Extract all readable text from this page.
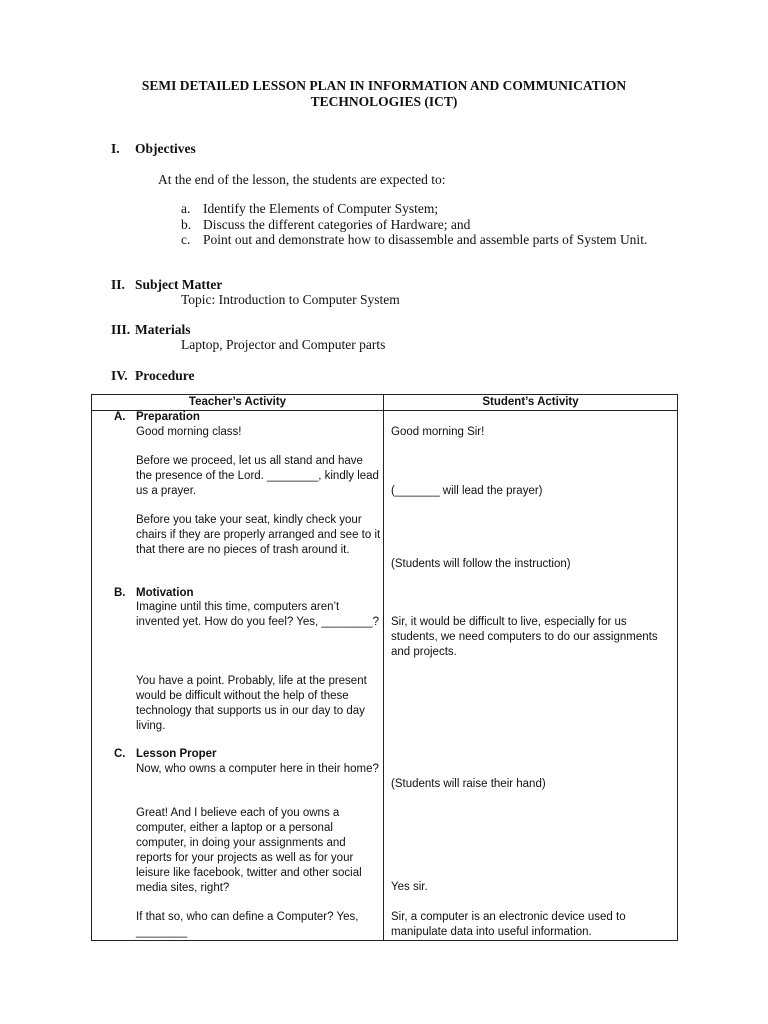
SEMI DETAILED LESSON PLAN IN INFORMATION AND COMMUNICATION
TECHNOLOGIES (ICT)
I. Objectives
At the end of the lesson, the students are expected to:
a. Identify the Elements of Computer System;
b. Discuss the different categories of Hardware; and
c. Point out and demonstrate how to disassemble and assemble parts of System Unit.
II. Subject Matter
Topic: Introduction to Computer System
III. Materials
Laptop, Projector and Computer parts
IV. Procedure
Teacher’s Activity	Student’s Activity
A. Preparation
Good morning class!
Before we proceed, let us all stand and have the presence of the Lord. ________, kindly lead us a prayer.
Before you take your seat, kindly check your chairs if they are properly arranged and see to it that there are no pieces of trash around it.
Good morning Sir!
(_______ will lead the prayer)
(Students will follow the instruction)
B. Motivation
Imagine until this time, computers aren’t invented yet. How do you feel? Yes, ________?
You have a point. Probably, life at the present would be difficult without the help of these technology that supports us in our day to day living.
Sir, it would be difficult to live, especially for us students, we need computers to do our assignments and projects.
C. Lesson Proper
Now, who owns a computer here in their home?
Great! And I believe each of you owns a computer, either a laptop or a personal computer, in doing your assignments and reports for your projects as well as for your leisure like facebook, twitter and other social media sites, right?
If that so, who can define a Computer? Yes, ________
(Students will raise their hand)
Yes sir.
Sir, a computer is an electronic device used to manipulate data into useful information.
